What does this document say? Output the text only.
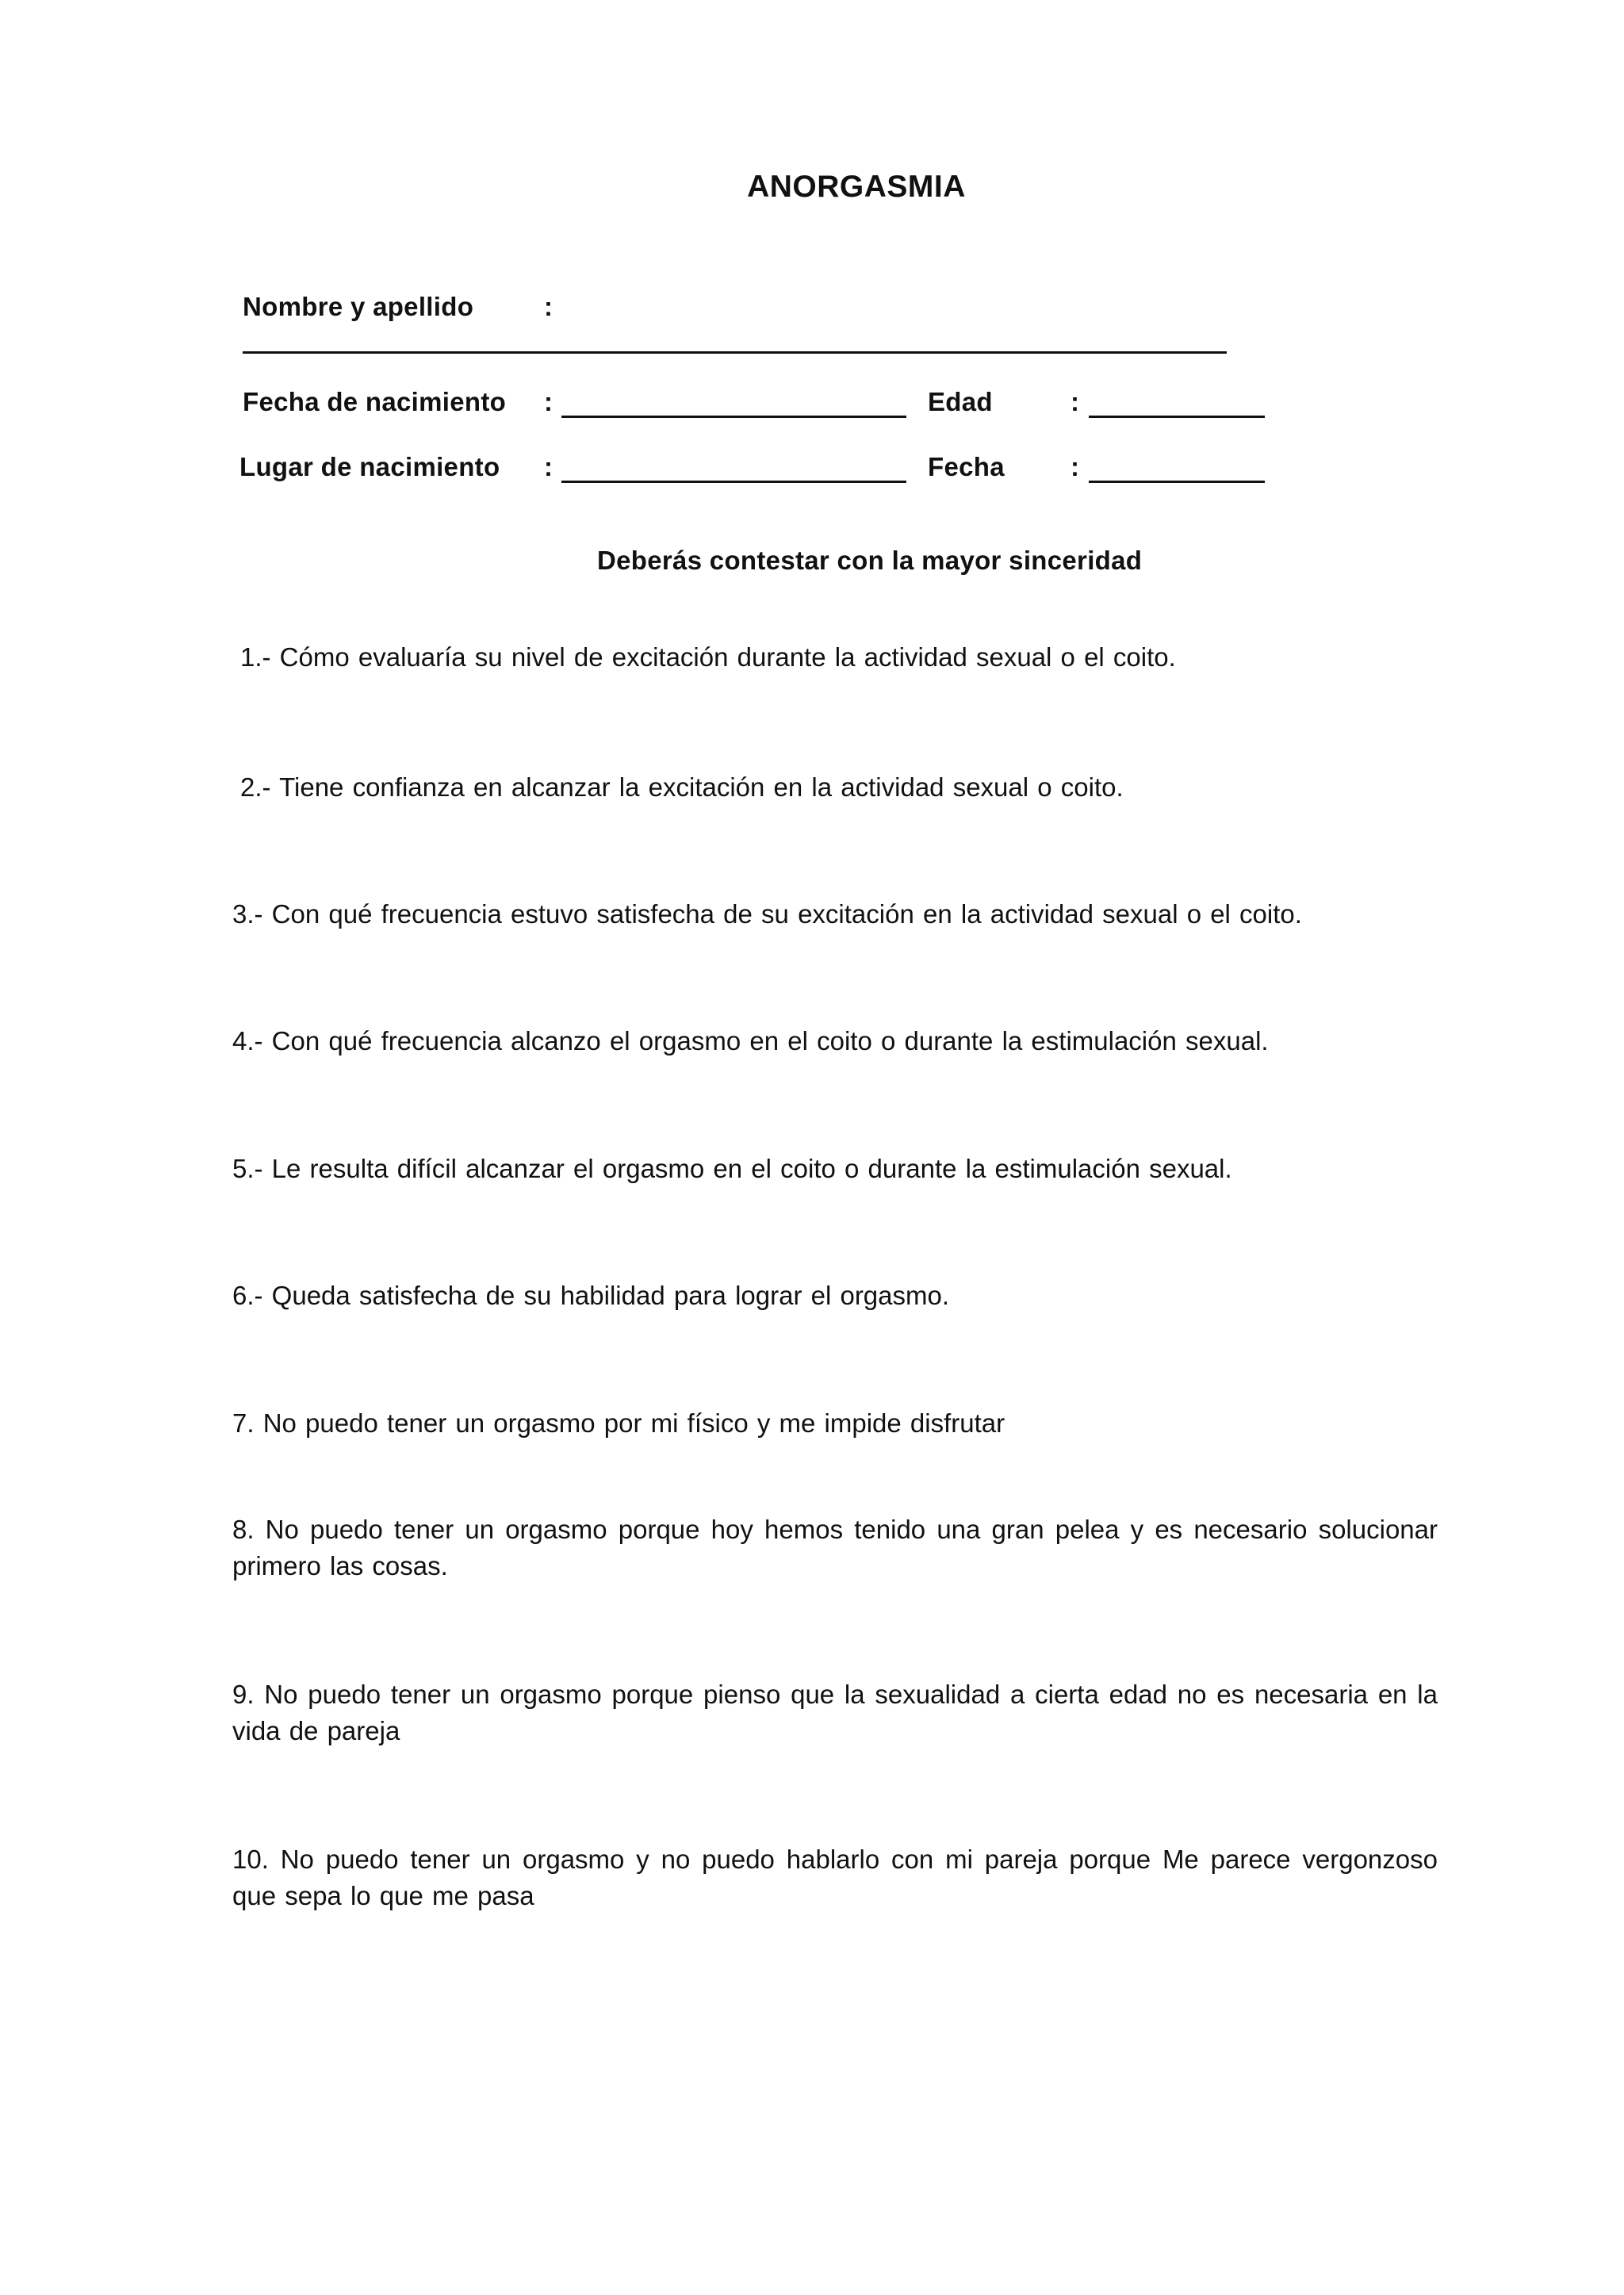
ANORGASMIA
Nombre y apellido	:
Fecha de nacimiento :	Edad	:
Lugar de nacimiento :	Fecha	:
Deberás contestar con la mayor sinceridad
1.- Cómo evaluaría su nivel de excitación durante la actividad sexual o el coito.
2.- Tiene confianza en alcanzar la excitación en la actividad sexual o coito.
3.- Con qué frecuencia estuvo satisfecha de su excitación en la actividad sexual o el coito.
4.- Con qué frecuencia alcanzo el orgasmo en el coito o durante la estimulación sexual.
5.- Le resulta difícil alcanzar el orgasmo en el coito o durante la estimulación sexual.
6.- Queda satisfecha de su habilidad para lograr el orgasmo.
7. No puedo tener un orgasmo por mi físico y me impide disfrutar
8. No puedo tener un orgasmo porque hoy hemos tenido una gran pelea y es necesario solucionar primero las cosas.
9. No puedo tener un orgasmo porque pienso que la sexualidad a cierta edad no es necesaria en la vida de pareja
10. No puedo tener un orgasmo y no puedo hablarlo con mi pareja porque Me parece vergonzoso que sepa lo que me pasa
